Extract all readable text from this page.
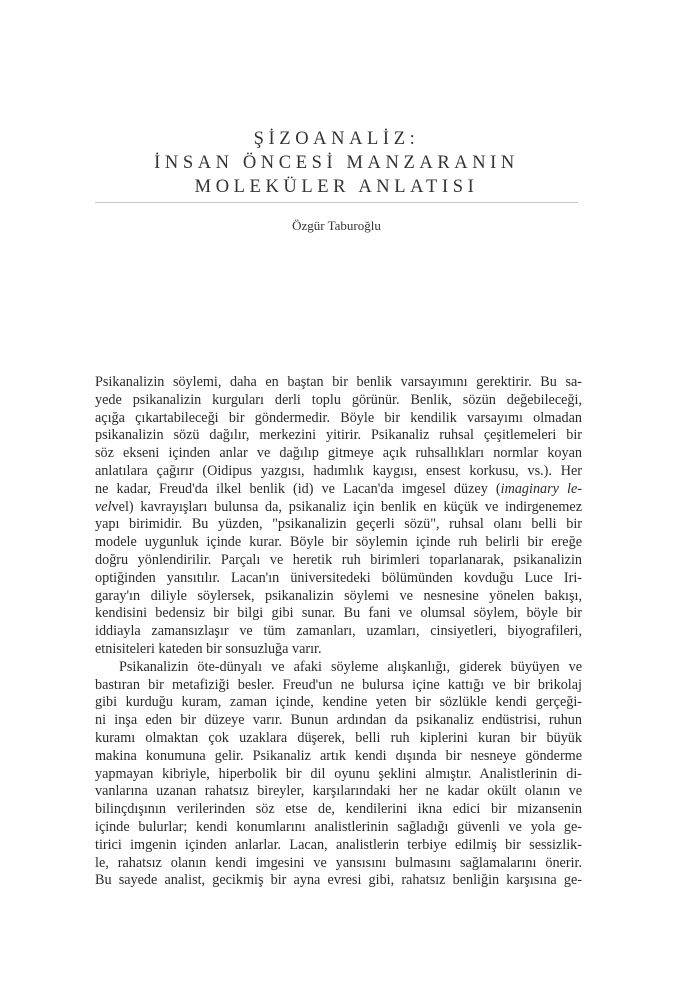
ŞİZOANALİZ:
İNSAN ÖNCESİ MANZARANIN
MOLEKÜLER ANLATISI
Özgür Taburoğlu
Psikanalizin söylemi, daha en baştan bir benlik varsayımını gerektirir. Bu sa-
yede psikanalizin kurguları derli toplu görünür. Benlik, sözün değebileceği,
açığa çıkartabileceği bir göndermedir. Böyle bir kendilik varsayımı olmadan
psikanalizin sözü dağılır, merkezini yitirir. Psikanaliz ruhsal çeşitlemeleri bir
söz ekseni içinden anlar ve dağılıp gitmeye açık ruhsallıkları normlar koyan
anlatılara çağırır (Oidipus yazgısı, hadımlık kaygısı, ensest korkusu, vs.). Her
ne kadar, Freud'da ilkel benlik (id) ve Lacan'da imgesel düzey (imaginary le-
velvel) kavrayışları bulunsa da, psikanaliz için benlik en küçük ve indirgenemez
yapı birimidir. Bu yüzden, "psikanalizin geçerli sözü", ruhsal olanı belli bir
modele uygunluk içinde kurar. Böyle bir söylemin içinde ruh belirli bir ereğe
doğru yönlendirilir. Parçalı ve heretik ruh birimleri toparlanarak, psikanalizin
optiğinden yansıtılır. Lacan'ın üniversitedeki bölümünden kovduğu Luce Iri-
garay'ın diliyle söylersek, psikanalizin söylemi ve nesnesine yönelen bakışı,
kendisini bedensiz bir bilgi gibi sunar. Bu fani ve olumsal söylem, böyle bir
iddiayla zamansızlaşır ve tüm zamanları, uzamları, cinsiyetleri, biyografileri,
etnisiteleri kateden bir sonsuzluğa varır.
Psikanalizin öte-dünyalı ve afaki söyleme alışkanlığı, giderek büyüyen ve
bastıran bir metafiziği besler. Freud'un ne bulursa içine kattığı ve bir brikolaj
gibi kurduğu kuram, zaman içinde, kendine yeten bir sözlükle kendi gerçeği-
ni inşa eden bir düzeye varır. Bunun ardından da psikanaliz endüstrisi, ruhun
kuramı olmaktan çok uzaklara düşerek, belli ruh kiplerini kuran bir büyük
makina konumuna gelir. Psikanaliz artık kendi dışında bir nesneye gönderme
yapmayan kibriyle, hiperbolik bir dil oyunu şeklini almıştır. Analistlerinin di-
vanlarına uzanan rahatsız bireyler, karşılarındaki her ne kadar okült olanın ve
bilinçdışının verilerinden söz etse de, kendilerini ikna edici bir mizansenin
içinde bulurlar; kendi konumlarını analistlerinin sağladığı güvenli ve yola ge-
tirici imgenin içinden anlarlar. Lacan, analistlerin terbiye edilmiş bir sessizlik-
le, rahatsız olanın kendi imgesini ve yansısını bulmasını sağlamalarını önerir.
Bu sayede analist, gecikmiş bir ayna evresi gibi, rahatsız benliğin karşısına ge-
